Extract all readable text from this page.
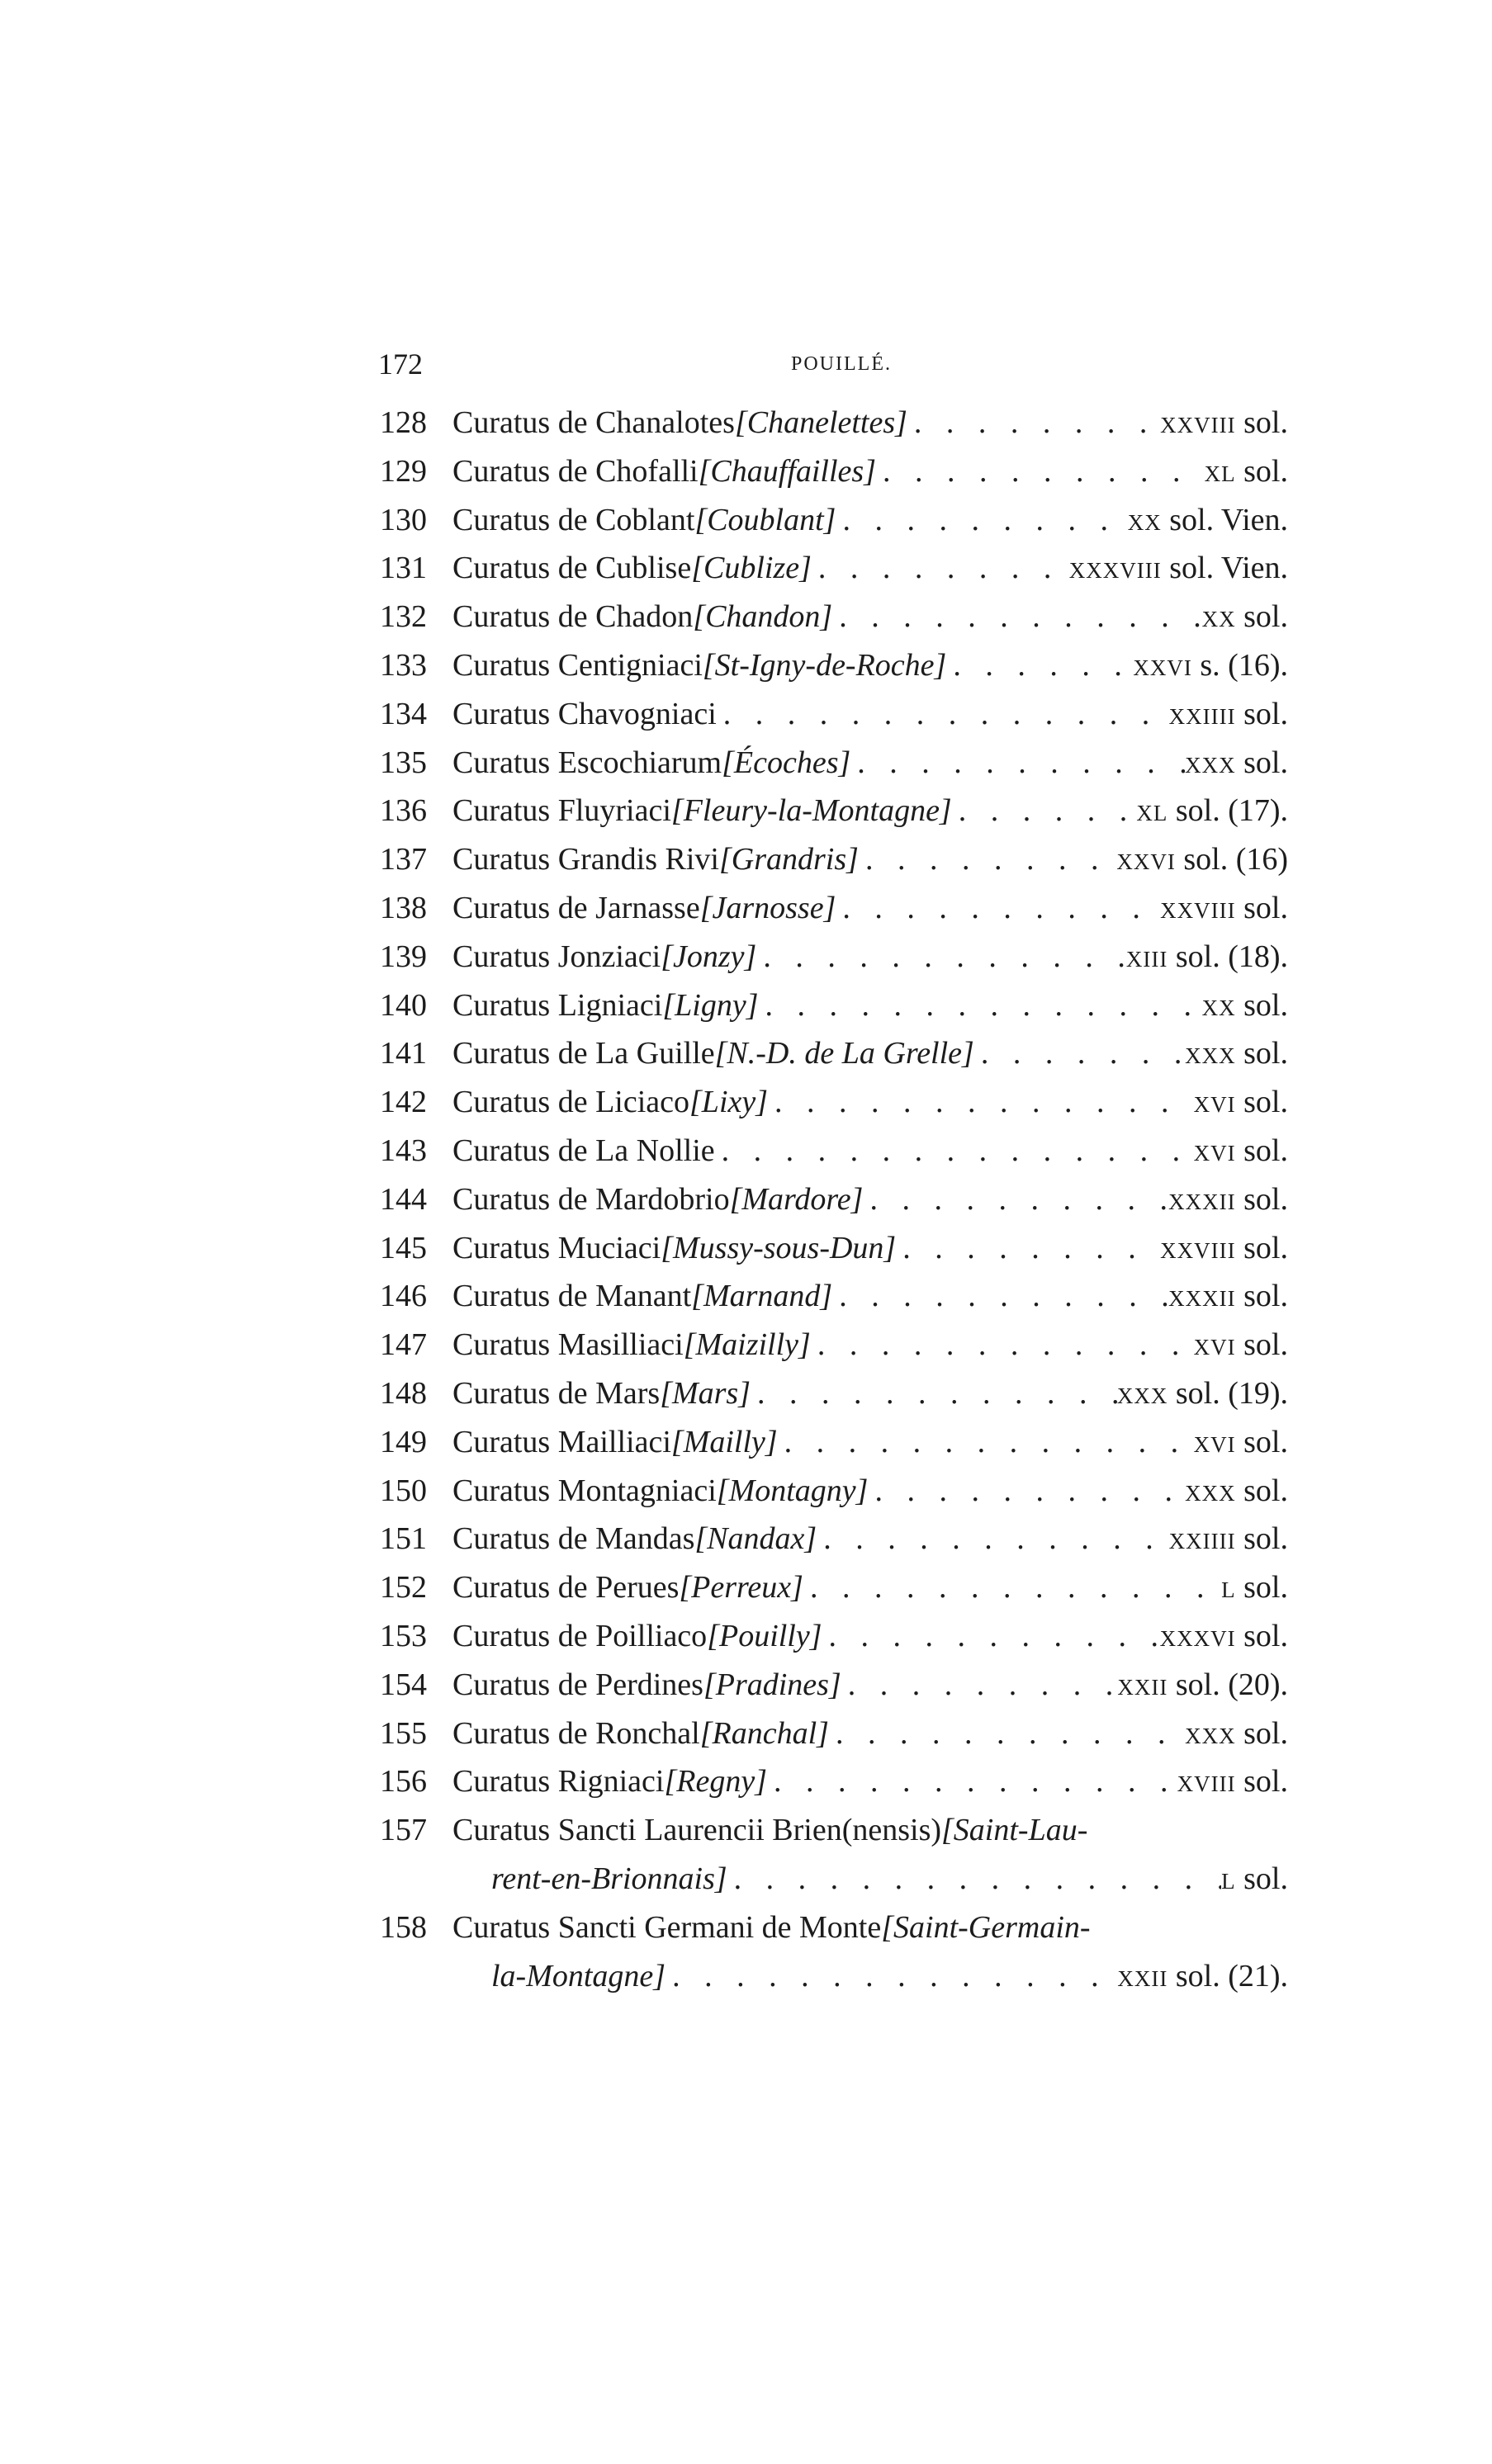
172	POUILLÉ.
128 Curatus de Chanalotes [Chanelettes] . . .	xxviii sol.
129 Curatus de Chofalli [Chauffailles] . . .	xl sol.
130 Curatus de Coblant [Coublant] . . .	xx sol. Vien.
131 Curatus de Cublise [Cublize] . . .	xxxviii sol. Vien.
132 Curatus de Chadon [Chandon] . . .	xx sol.
133 Curatus Centigniaci [St-Igny-de-Roche] . . .	xxvi s. (16).
134 Curatus Chavogniaci . . .	xxiiii sol.
135 Curatus Escochiarum [Écoches] . . .	xxx sol.
136 Curatus Fluyriaci [Fleury-la-Montagne] . . .	xl sol. (17).
137 Curatus Grandis Rivi [Grandris] . . .	xxvi sol. (16)
138 Curatus de Jarnasse [Jarnosse] . . .	xxviii sol.
139 Curatus Jonziaci [Jonzy] . . .	xiii sol. (18).
140 Curatus Ligniaci [Ligny] . . .	xx sol.
141 Curatus de La Guille [N.-D. de La Grelle] . . .	xxx sol.
142 Curatus de Liciaco [Lixy] . . .	xvi sol.
143 Curatus de La Nollie . . .	xvi sol.
144 Curatus de Mardobrio [Mardore] . . .	xxxii sol.
145 Curatus Muciaci [Mussy-sous-Dun] . . .	xxviii sol.
146 Curatus de Manant [Marnand] . . .	xxxii sol.
147 Curatus Masilliaci [Maizilly] . . .	xvi sol.
148 Curatus de Mars [Mars] . . .	xxx sol. (19).
149 Curatus Mailliaci [Mailly] . . .	xvi sol.
150 Curatus Montagniaci [Montagny] . . .	xxx sol.
151 Curatus de Mandas [Nandax] . . .	xxiiii sol.
152 Curatus de Perues [Perreux] . . .	l sol.
153 Curatus de Poilliaco [Pouilly] . . .	xxxvi sol.
154 Curatus de Perdines [Pradines] . . .	xxii sol. (20).
155 Curatus de Ronchal [Ranchal] . . .	xxx sol.
156 Curatus Rigniaci [Regny] . . .	xviii sol.
157 Curatus Sancti Laurencii Brien(nensis) [Saint-Lau-
rent-en-Brionnais] . . .	l sol.
158 Curatus Sancti Germani de Monte [Saint-Germain-
la-Montagne] . . .	xxii sol. (21).
